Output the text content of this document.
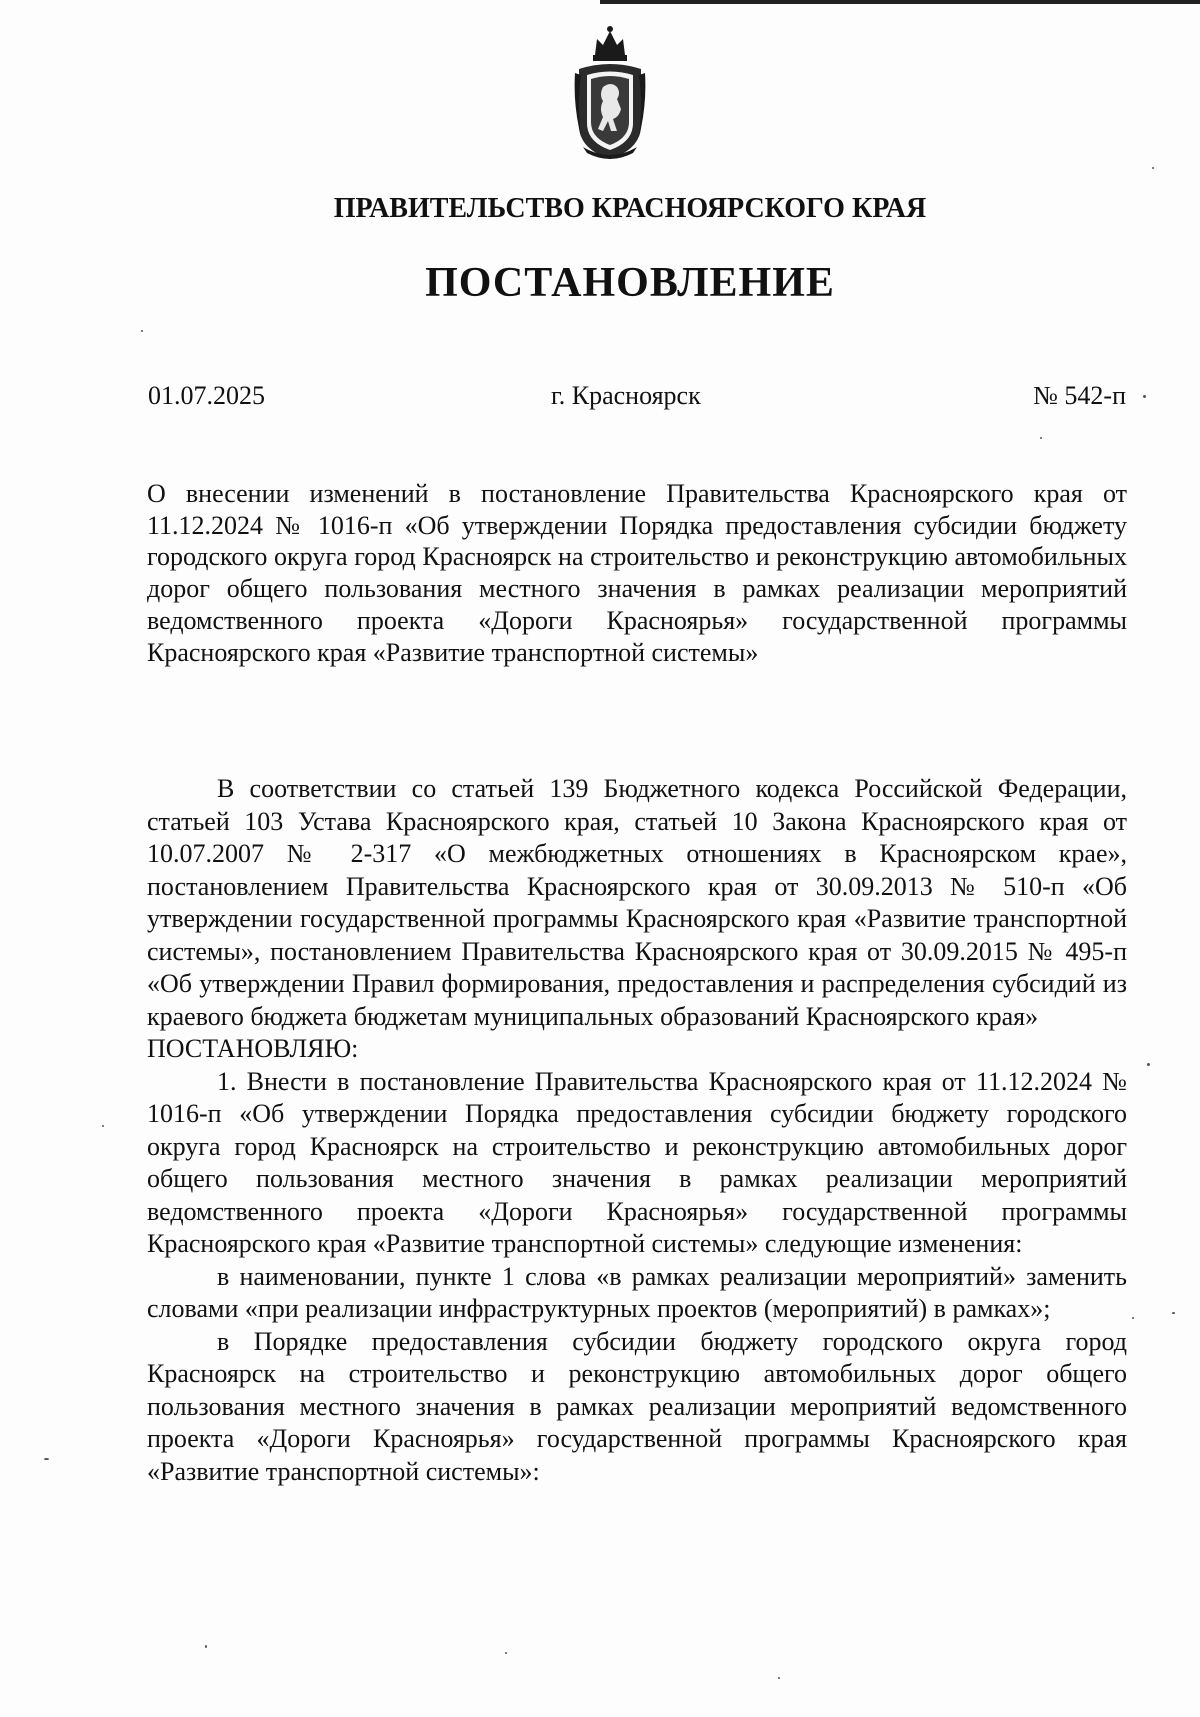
ПРАВИТЕЛЬСТВО КРАСНОЯРСКОГО КРАЯ
ПОСТАНОВЛЕНИЕ
01.07.2025	г. Красноярск	№ 542-п
О внесении изменений в постановление Правительства Красноярского края от 11.12.2024 № 1016-п «Об утверждении Порядка предоставления субсидии бюджету городского округа город Красноярск на строительство и реконструкцию автомобильных дорог общего пользования местного значения в рамках реализации мероприятий ведомственного проекта «Дороги Красноярья» государственной программы Красноярского края «Развитие транспортной системы»

В соответствии со статьей 139 Бюджетного кодекса Российской Федерации, статьей 103 Устава Красноярского края, статьей 10 Закона Красноярского края от 10.07.2007 № 2-317 «О межбюджетных отношениях в Красноярском крае», постановлением Правительства Красноярского края от 30.09.2013 № 510-п «Об утверждении государственной программы Красноярского края «Развитие транспортной системы», постановлением Правительства Красноярского края от 30.09.2015 № 495-п «Об утверждении Правил формирования, предоставления и распределения субсидий из краевого бюджета бюджетам муниципальных образований Красноярского края»

ПОСТАНОВЛЯЮ:

1. Внести в постановление Правительства Красноярского края от 11.12.2024 № 1016-п «Об утверждении Порядка предоставления субсидии бюджету городского округа город Красноярск на строительство и реконструкцию автомобильных дорог общего пользования местного значения в рамках реализации мероприятий ведомственного проекта «Дороги Красноярья» государственной программы Красноярского края «Развитие транспортной системы» следующие изменения:

в наименовании, пункте 1 слова «в рамках реализации мероприятий» заменить словами «при реализации инфраструктурных проектов (мероприятий) в рамках»;

в Порядке предоставления субсидии бюджету городского округа город Красноярск на строительство и реконструкцию автомобильных дорог общего пользования местного значения в рамках реализации мероприятий ведомственного проекта «Дороги Красноярья» государственной программы Красноярского края «Развитие транспортной системы»:
